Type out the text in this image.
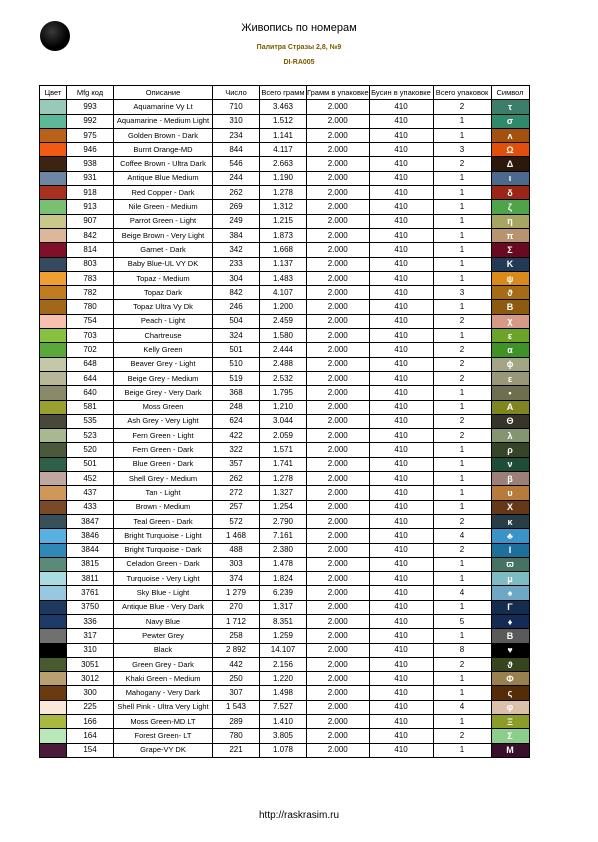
Живопись по номерам
Палитра Стразы 2,8, №9
DI-RA005
Цвет	Mfg код	Описание	Число	Всего грамм	Грамм в упаковке	Бусин в упаковке	Всего упаковок	Символ
	993	Aquamarine Vy Lt	710	3.463	2.000	410	2	τ
	992	Aquamarine - Medium Light	310	1.512	2.000	410	1	σ
	975	Golden Brown - Dark	234	1.141	2.000	410	1	ʌ
	946	Burnt Orange-MD	844	4.117	2.000	410	3	Ω
	938	Coffee Brown - Ultra Dark	546	2.663	2.000	410	2	Δ
	931	Antique Blue Medium	244	1.190	2.000	410	1	ι
	918	Red Copper - Dark	262	1.278	2.000	410	1	δ
	913	Nile Green - Medium	269	1.312	2.000	410	1	ζ
	907	Parrot Green - Light	249	1.215	2.000	410	1	η
	842	Beige Brown - Very Light	384	1.873	2.000	410	1	π
	814	Garnet - Dark	342	1.668	2.000	410	1	Σ
	803	Baby Blue-UL VY DK	233	1.137	2.000	410	1	K
	783	Topaz - Medium	304	1.483	2.000	410	1	ψ
	782	Topaz Dark	842	4.107	2.000	410	3	ϑ
	780	Topaz Ultra Vy Dk	246	1.200	2.000	410	1	B
	754	Peach - Light	504	2.459	2.000	410	2	χ
	703	Chartreuse	324	1.580	2.000	410	1	ε
	702	Kelly Green	501	2.444	2.000	410	2	α
	648	Beaver Grey - Light	510	2.488	2.000	410	2	ϕ
	644	Beige Grey - Medium	519	2.532	2.000	410	2	ε
	640	Beige Grey - Very Dark	368	1.795	2.000	410	1	•
	581	Moss Green	248	1.210	2.000	410	1	A
	535	Ash Grey - Very Light	624	3.044	2.000	410	2	Θ
	523	Fern Green - Light	422	2.059	2.000	410	2	λ
	520	Fern Green - Dark	322	1.571	2.000	410	1	ρ
	501	Blue Green - Dark	357	1.741	2.000	410	1	ν
	452	Shell Grey - Medium	262	1.278	2.000	410	1	β
	437	Tan - Light	272	1.327	2.000	410	1	υ
	433	Brown - Medium	257	1.254	2.000	410	1	X
	3847	Teal Green - Dark	572	2.790	2.000	410	2	κ
	3846	Bright Turquoise - Light	1 468	7.161	2.000	410	4	♣
	3844	Bright Turquoise - Dark	488	2.380	2.000	410	2	I
	3815	Celadon Green - Dark	303	1.478	2.000	410	1	ϖ
	3811	Turquoise - Very Light	374	1.824	2.000	410	1	μ
	3761	Sky Blue - Light	1 279	6.239	2.000	410	4	♠
	3750	Antique Blue - Very Dark	270	1.317	2.000	410	1	Γ
	336	Navy Blue	1 712	8.351	2.000	410	5	♦
	317	Pewter Grey	258	1.259	2.000	410	1	B
	310	Black	2 892	14.107	2.000	410	8	♥
	3051	Green Grey - Dark	442	2.156	2.000	410	2	ϑ
	3012	Khaki Green - Medium	250	1.220	2.000	410	1	Φ
	300	Mahogany - Very Dark	307	1.498	2.000	410	1	ς
	225	Shell Pink - Ultra Very Light	1 543	7.527	2.000	410	4	φ
	166	Moss Green-MD LT	289	1.410	2.000	410	1	Ξ
	164	Forest Green- LT	780	3.805	2.000	410	2	Σ
	154	Grape-VY DK	221	1.078	2.000	410	1	M
http://raskrasim.ru
